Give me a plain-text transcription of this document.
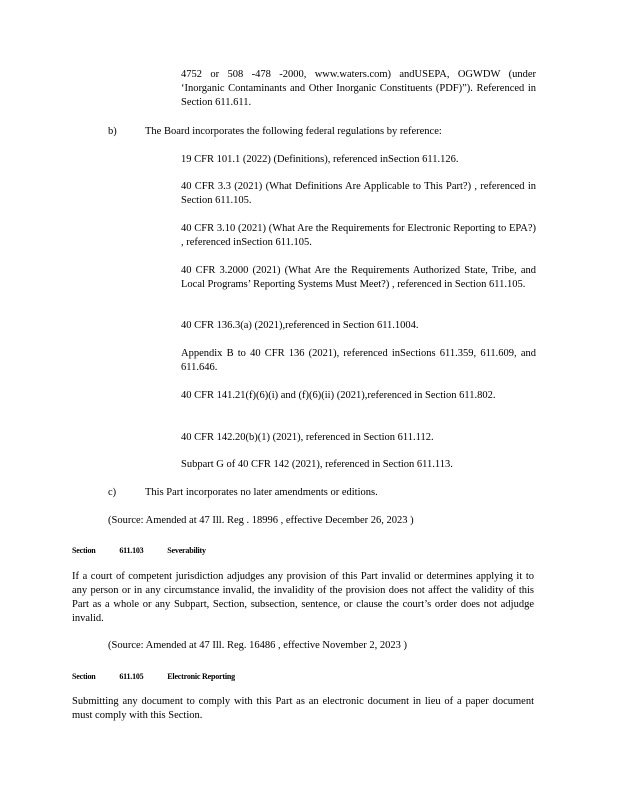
4752 or 508 -478 -2000, www.waters.com) andUSEPA, OGWDW (under ‘Inorganic Contaminants and Other Inorganic Constituents (PDF)”). Referenced in Section 611.611.

b)	The Board incorporates the following federal regulations by reference:

19 CFR 101.1 (2022) (Definitions), referenced inSection 611.126.

40 CFR 3.3 (2021) (What Definitions Are Applicable to This Part?) , referenced in Section 611.105.

40 CFR 3.10 (2021) (What Are the Requirements for Electronic Reporting to EPA?) , referenced inSection 611.105.

40 CFR 3.2000 (2021) (What Are the Requirements Authorized State, Tribe, and Local Programs’ Reporting Systems Must Meet?) , referenced in Section 611.105.

40 CFR 136.3(a) (2021),referenced in Section 611.1004.

Appendix B to 40 CFR 136 (2021), referenced inSections 611.359, 611.609, and 611.646.

40 CFR 141.21(f)(6)(i) and (f)(6)(ii) (2021),referenced in Section 611.802.

40 CFR 142.20(b)(1) (2021), referenced in Section 611.112.

Subpart G of 40 CFR 142 (2021), referenced in Section 611.113.

c)	This Part incorporates no later amendments or editions.

(Source: Amended at 47 Ill. Reg . 18996 , effective December 26, 2023 )

Section	611.103	Severability

If a court of competent jurisdiction adjudges any provision of this Part invalid or determines applying it to any person or in any circumstance invalid, the invalidity of the provision does not affect the validity of this Part as a whole or any Subpart, Section, subsection, sentence, or clause the court’s order does not adjudge invalid.

(Source: Amended at 47 Ill. Reg. 16486 , effective November 2, 2023 )

Section	611.105	Electronic Reporting

Submitting any document to comply with this Part as an electronic document in lieu of a paper document must comply with this Section.
